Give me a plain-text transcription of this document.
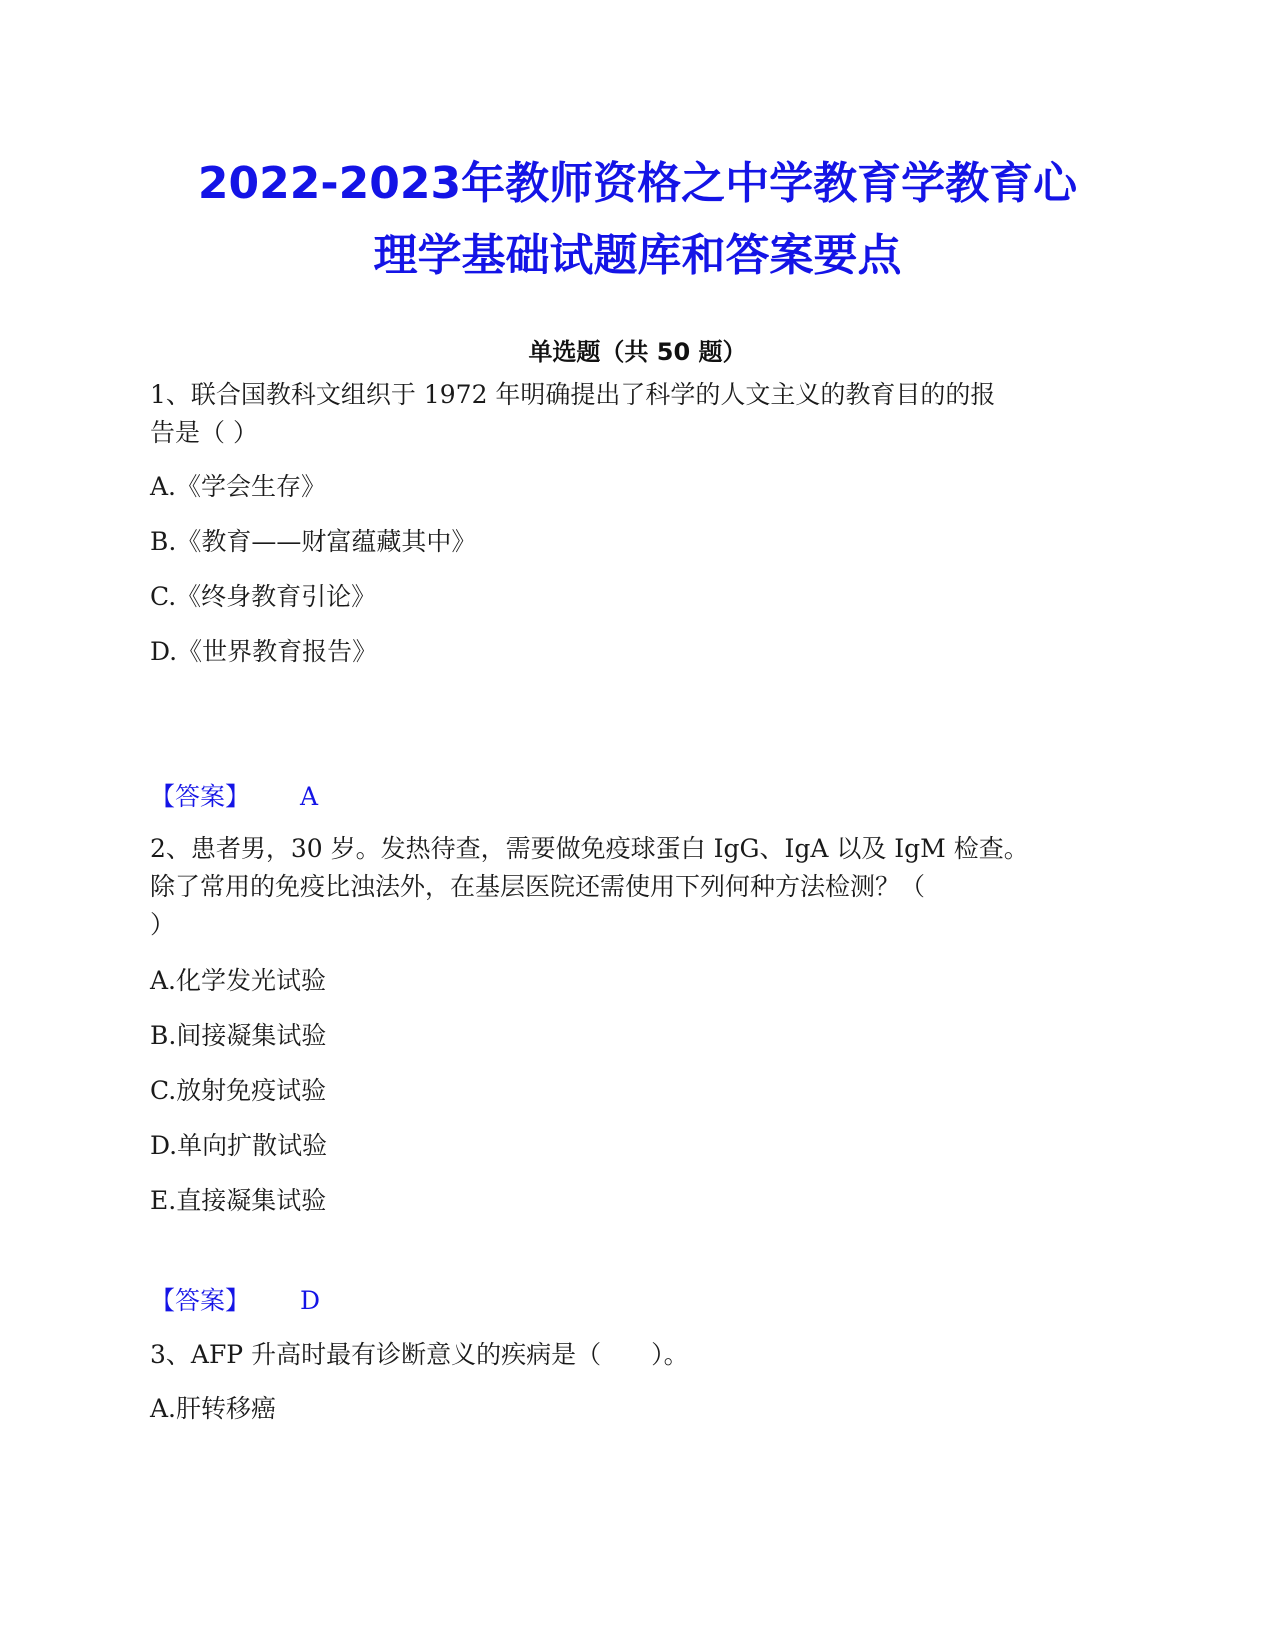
2022-2023年教师资格之中学教育学教育心
理学基础试题库和答案要点
单选题（共 50 题）
1、联合国教科文组织于 1972 年明确提出了科学的人文主义的教育目的的报
告是（ ）
A.《学会生存》
B.《教育——财富蕴藏其中》
C.《终身教育引论》
D.《世界教育报告》
【答案】 A
2、患者男，30 岁。发热待查，需要做免疫球蛋白 IgG、IgA 以及 IgM 检查。
除了常用的免疫比浊法外，在基层医院还需使用下列何种方法检测？（
）
A.化学发光试验
B.间接凝集试验
C.放射免疫试验
D.单向扩散试验
E.直接凝集试验
【答案】 D
3、AFP 升高时最有诊断意义的疾病是（　　）。
A.肝转移癌
